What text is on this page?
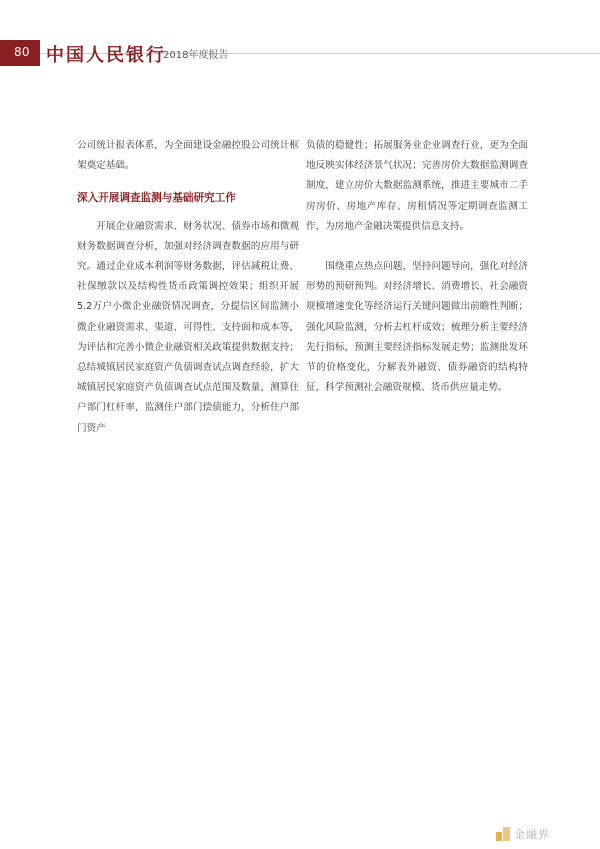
80 中国人民银行
2018年度报告

公司统计报表体系，为全面建设金融控股公司统计框架奠定基础。

深入开展调查监测与基础研究工作

开展企业融资需求、财务状况、债券市场和微观财务数据调查分析，加强对经济调查数据的应用与研究。通过企业成本利润等财务数据，评估减税让费、社保缴款以及结构性货币政策调控效果；组织开展5.2万户小微企业融资情况调查，分提信区间监测小微企业融资需求、渠道、可得性、支持面和成本等，为评估和完善小微企业融资相关政策提供数据支持；总结城镇居民家庭资产负债调查试点调查经验，扩大城镇居民家庭资产负债调查试点范围及数量，测算住户部门杠杆率，监测住户部门偿债能力，分析住户部门资产

负债的稳健性；拓展服务业企业调查行业，更为全面地反映实体经济景气状况；完善房价大数据监测调查制度，建立房价大数据监测系统，推进主要城市二手房房价、房地产库存、房租情况等定期调查监测工作，为房地产金融决策提供信息支持。

围绕重点热点问题，坚持问题导向，强化对经济形势的预研预判。对经济增长、消费增长、社会融资规模增速变化等经济运行关键问题做出前瞻性判断；强化风险监测，分析去杠杆成效；梳理分析主要经济先行指标，预测主要经济指标发展走势；监测批发环节的价格变化，分解表外融资、债券融资的结构特征，科学预测社会融资规模、货币供应量走势。

金融界
